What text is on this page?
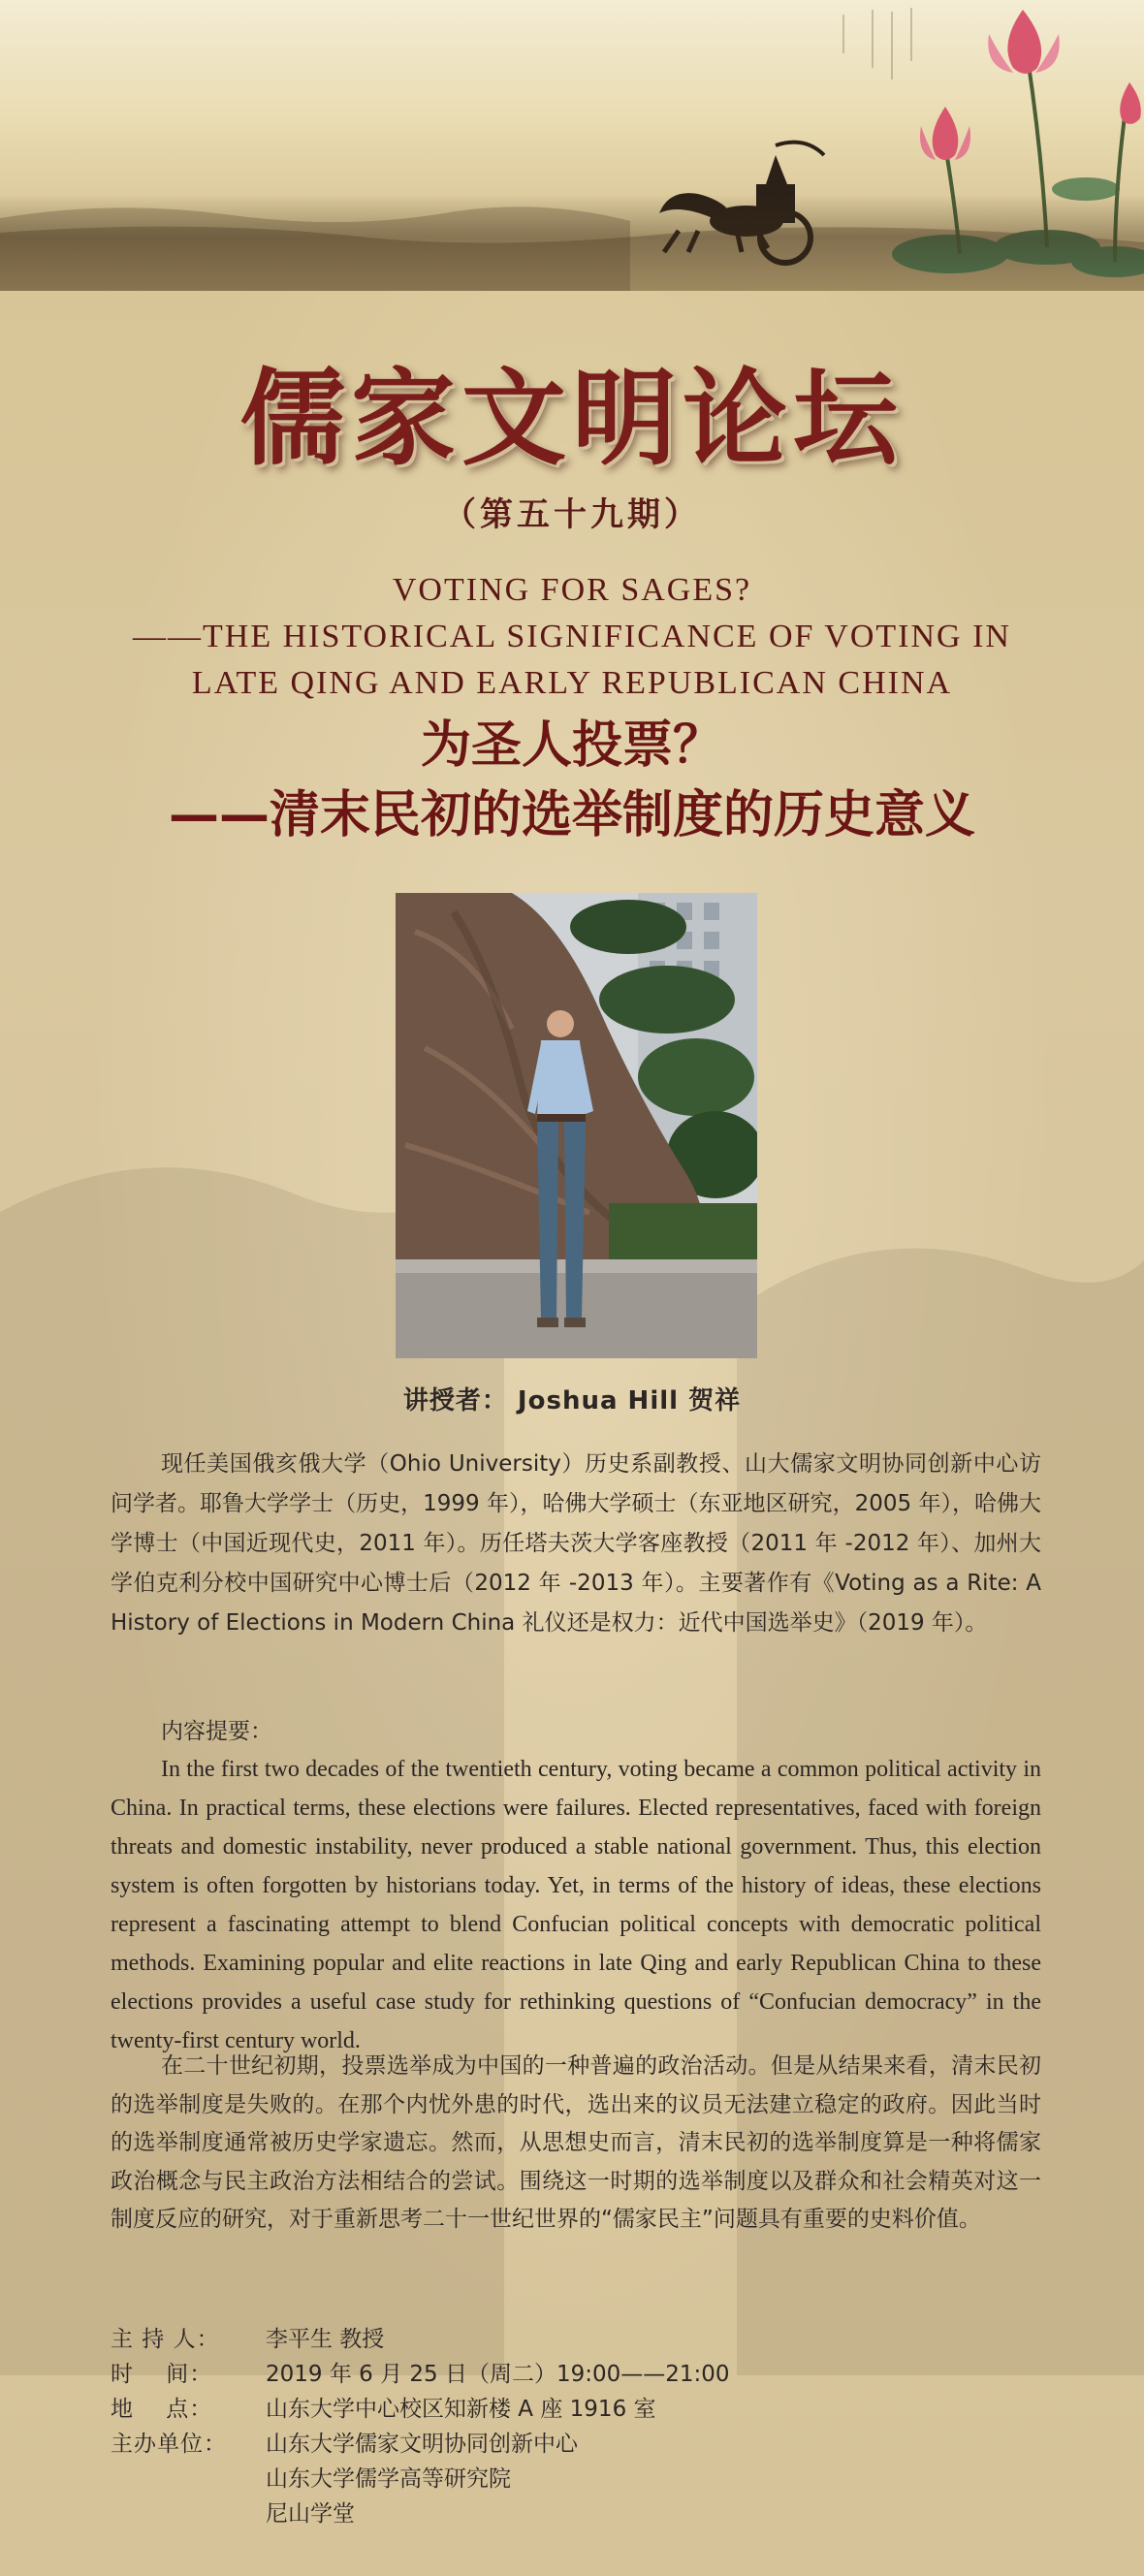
儒家文明论坛
（第五十九期）
VOTING FOR SAGES?
——THE HISTORICAL SIGNIFICANCE OF VOTING IN
LATE QING AND EARLY REPUBLICAN CHINA
为圣人投票？
——清末民初的选举制度的历史意义
讲授者： Joshua Hill 贺祥
现任美国俄亥俄大学（Ohio University）历史系副教授、山大儒家文明协同创新中心访问学者。耶鲁大学学士（历史，1999 年），哈佛大学硕士（东亚地区研究，2005 年），哈佛大学博士（中国近现代史，2011 年）。历任塔夫茨大学客座教授（2011 年 -2012 年）、加州大学伯克利分校中国研究中心博士后（2012 年 -2013 年）。主要著作有《Voting as a Rite: A History of Elections in Modern China 礼仪还是权力：近代中国选举史》（2019 年）。
内容提要：
In the first two decades of the twentieth century, voting became a common political activity in China. In practical terms, these elections were failures. Elected representatives, faced with foreign threats and domestic instability, never produced a stable national government. Thus, this election system is often forgotten by historians today. Yet, in terms of the history of ideas, these elections represent a fascinating attempt to blend Confucian political concepts with democratic political methods. Examining popular and elite reactions in late Qing and early Republican China to these elections provides a useful case study for rethinking questions of “Confucian democracy” in the twenty-first century world.
在二十世纪初期，投票选举成为中国的一种普遍的政治活动。但是从结果来看，清末民初的选举制度是失败的。在那个内忧外患的时代，选出来的议员无法建立稳定的政府。因此当时的选举制度通常被历史学家遗忘。然而，从思想史而言，清末民初的选举制度算是一种将儒家政治概念与民主政治方法相结合的尝试。围绕这一时期的选举制度以及群众和社会精英对这一制度反应的研究，对于重新思考二十一世纪世界的“儒家民主”问题具有重要的史料价值。
主 持 人：	李平生 教授
时    间：	2019 年 6 月 25 日（周二）19:00——21:00
地    点：	山东大学中心校区知新楼 A 座 1916 室
主办单位：	山东大学儒家文明协同创新中心
山东大学儒学高等研究院
尼山学堂
